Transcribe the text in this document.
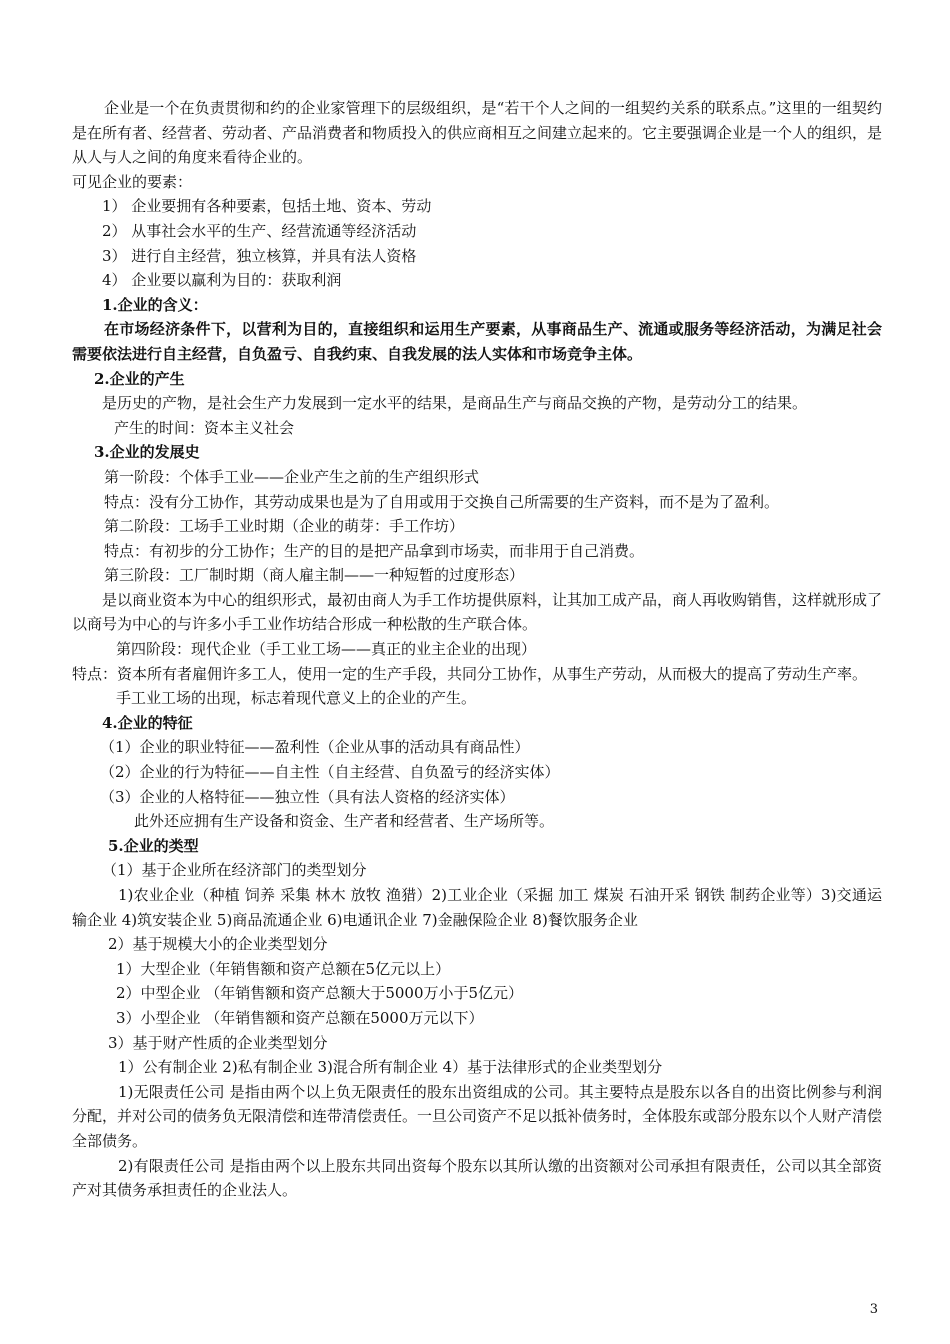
企业是一个在负责贯彻和约的企业家管理下的层级组织，是“若干个人之间的一组契约关系的联系点。”这里的一组契约是在所有者、经营者、劳动者、产品消费者和物质投入的供应商相互之间建立起来的。它主要强调企业是一个人的组织，是从人与人之间的角度来看待企业的。
可见企业的要素：
1） 企业要拥有各种要素，包括土地、资本、劳动
2） 从事社会水平的生产、经营流通等经济活动
3） 进行自主经营，独立核算，并具有法人资格
4） 企业要以赢利为目的：获取利润
1.企业的含义：
在市场经济条件下，以营利为目的，直接组织和运用生产要素，从事商品生产、流通或服务等经济活动，为满足社会需要依法进行自主经营，自负盈亏、自我约束、自我发展的法人实体和市场竞争主体。
2.企业的产生
是历史的产物，是社会生产力发展到一定水平的结果，是商品生产与商品交换的产物，是劳动分工的结果。
产生的时间：资本主义社会
3.企业的发展史
第一阶段：个体手工业——企业产生之前的生产组织形式
特点：没有分工协作，其劳动成果也是为了自用或用于交换自己所需要的生产资料，而不是为了盈利。
第二阶段：工场手工业时期（企业的萌芽：手工作坊）
特点：有初步的分工协作；生产的目的是把产品拿到市场卖，而非用于自己消费。
第三阶段：工厂制时期（商人雇主制——一种短暂的过度形态）
是以商业资本为中心的组织形式，最初由商人为手工作坊提供原料，让其加工成产品，商人再收购销售，这样就形成了以商号为中心的与许多小手工业作坊结合形成一种松散的生产联合体。
第四阶段：现代企业（手工业工场——真正的业主企业的出现）
特点：资本所有者雇佣许多工人，使用一定的生产手段，共同分工协作，从事生产劳动，从而极大的提高了劳动生产率。
手工业工场的出现，标志着现代意义上的企业的产生。
4.企业的特征
（1）企业的职业特征——盈利性（企业从事的活动具有商品性）
（2）企业的行为特征——自主性（自主经营、自负盈亏的经济实体）
（3）企业的人格特征——独立性（具有法人资格的经济实体）
此外还应拥有生产设备和资金、生产者和经营者、生产场所等。
5.企业的类型
（1）基于企业所在经济部门的类型划分
1)农业企业（种植 饲养 采集 林木 放牧 渔猎）2)工业企业（采掘 加工 煤炭 石油开采 钢铁 制药企业等）3)交通运输企业 4)筑安装企业 5)商品流通企业 6)电通讯企业 7)金融保险企业 8)餐饮服务企业
2）基于规模大小的企业类型划分
1）大型企业（年销售额和资产总额在5亿元以上）
2）中型企业 （年销售额和资产总额大于5000万小于5亿元）
3）小型企业 （年销售额和资产总额在5000万元以下）
3）基于财产性质的企业类型划分
1）公有制企业 2)私有制企业 3)混合所有制企业 4）基于法律形式的企业类型划分
1)无限责任公司 是指由两个以上负无限责任的股东出资组成的公司。其主要特点是股东以各自的出资比例参与利润分配，并对公司的债务负无限清偿和连带清偿责任。一旦公司资产不足以抵补债务时，全体股东或部分股东以个人财产清偿全部债务。
2)有限责任公司 是指由两个以上股东共同出资每个股东以其所认缴的出资额对公司承担有限责任，公司以其全部资产对其债务承担责任的企业法人。
3
